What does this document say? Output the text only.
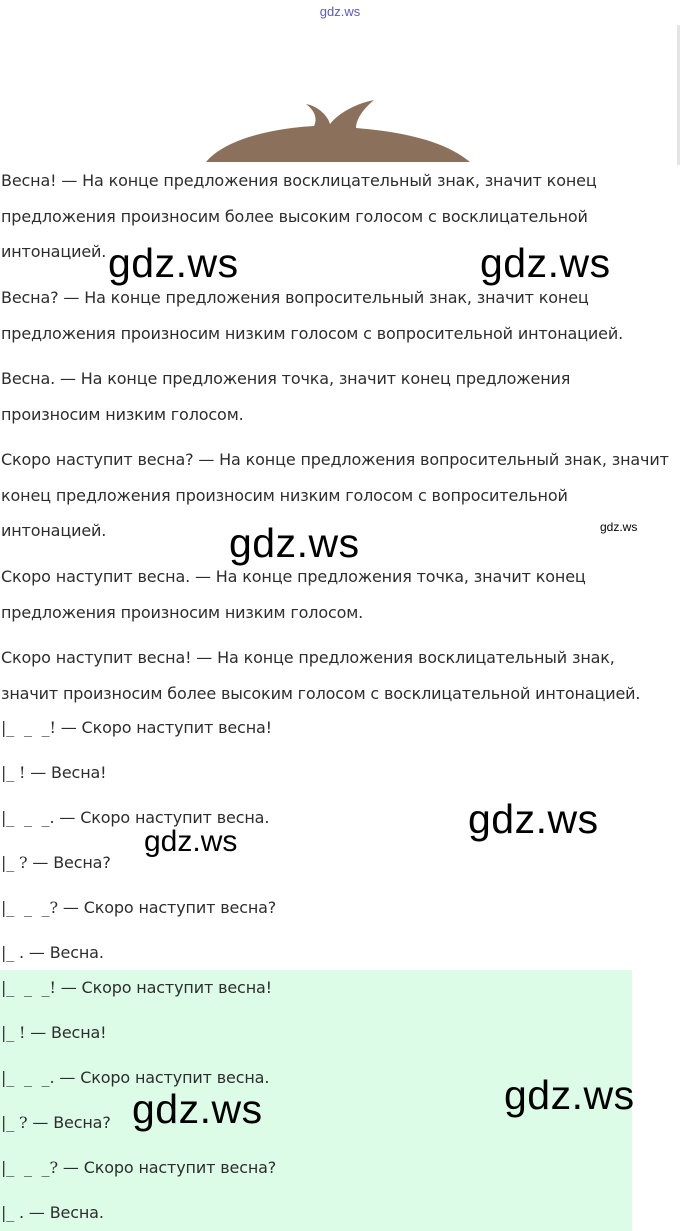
gdz.ws

Весна! — На конце предложения восклицательный знак, значит конец предложения произносим более высоким голосом с восклицательной интонацией.

Весна? — На конце предложения вопросительный знак, значит конец предложения произносим низким голосом с вопросительной интонацией.

Весна. — На конце предложения точка, значит конец предложения произносим низким голосом.

Скоро наступит весна? — На конце предложения вопросительный знак, значит конец предложения произносим низким голосом с вопросительной интонацией.

Скоро наступит весна. — На конце предложения точка, значит конец предложения произносим низким голосом.

Скоро наступит весна! — На конце предложения восклицательный знак, значит произносим более высоким голосом с восклицательной интонацией.

|_  _  _! — Скоро наступит весна!
|_ ! — Весна!
|_  _  _. — Скоро наступит весна.
|_ ? — Весна?
|_  _  _? — Скоро наступит весна?
|_ . — Весна.
|_  _  _! — Скоро наступит весна!
|_ ! — Весна!
|_  _  _. — Скоро наступит весна.
|_ ? — Весна?
|_  _  _? — Скоро наступит весна?
|_ . — Весна.
gdz.ws	gdz.ws
gdz.ws
gdz.ws
gdz.ws
gdz.ws
gdz.ws
gdz.ws
